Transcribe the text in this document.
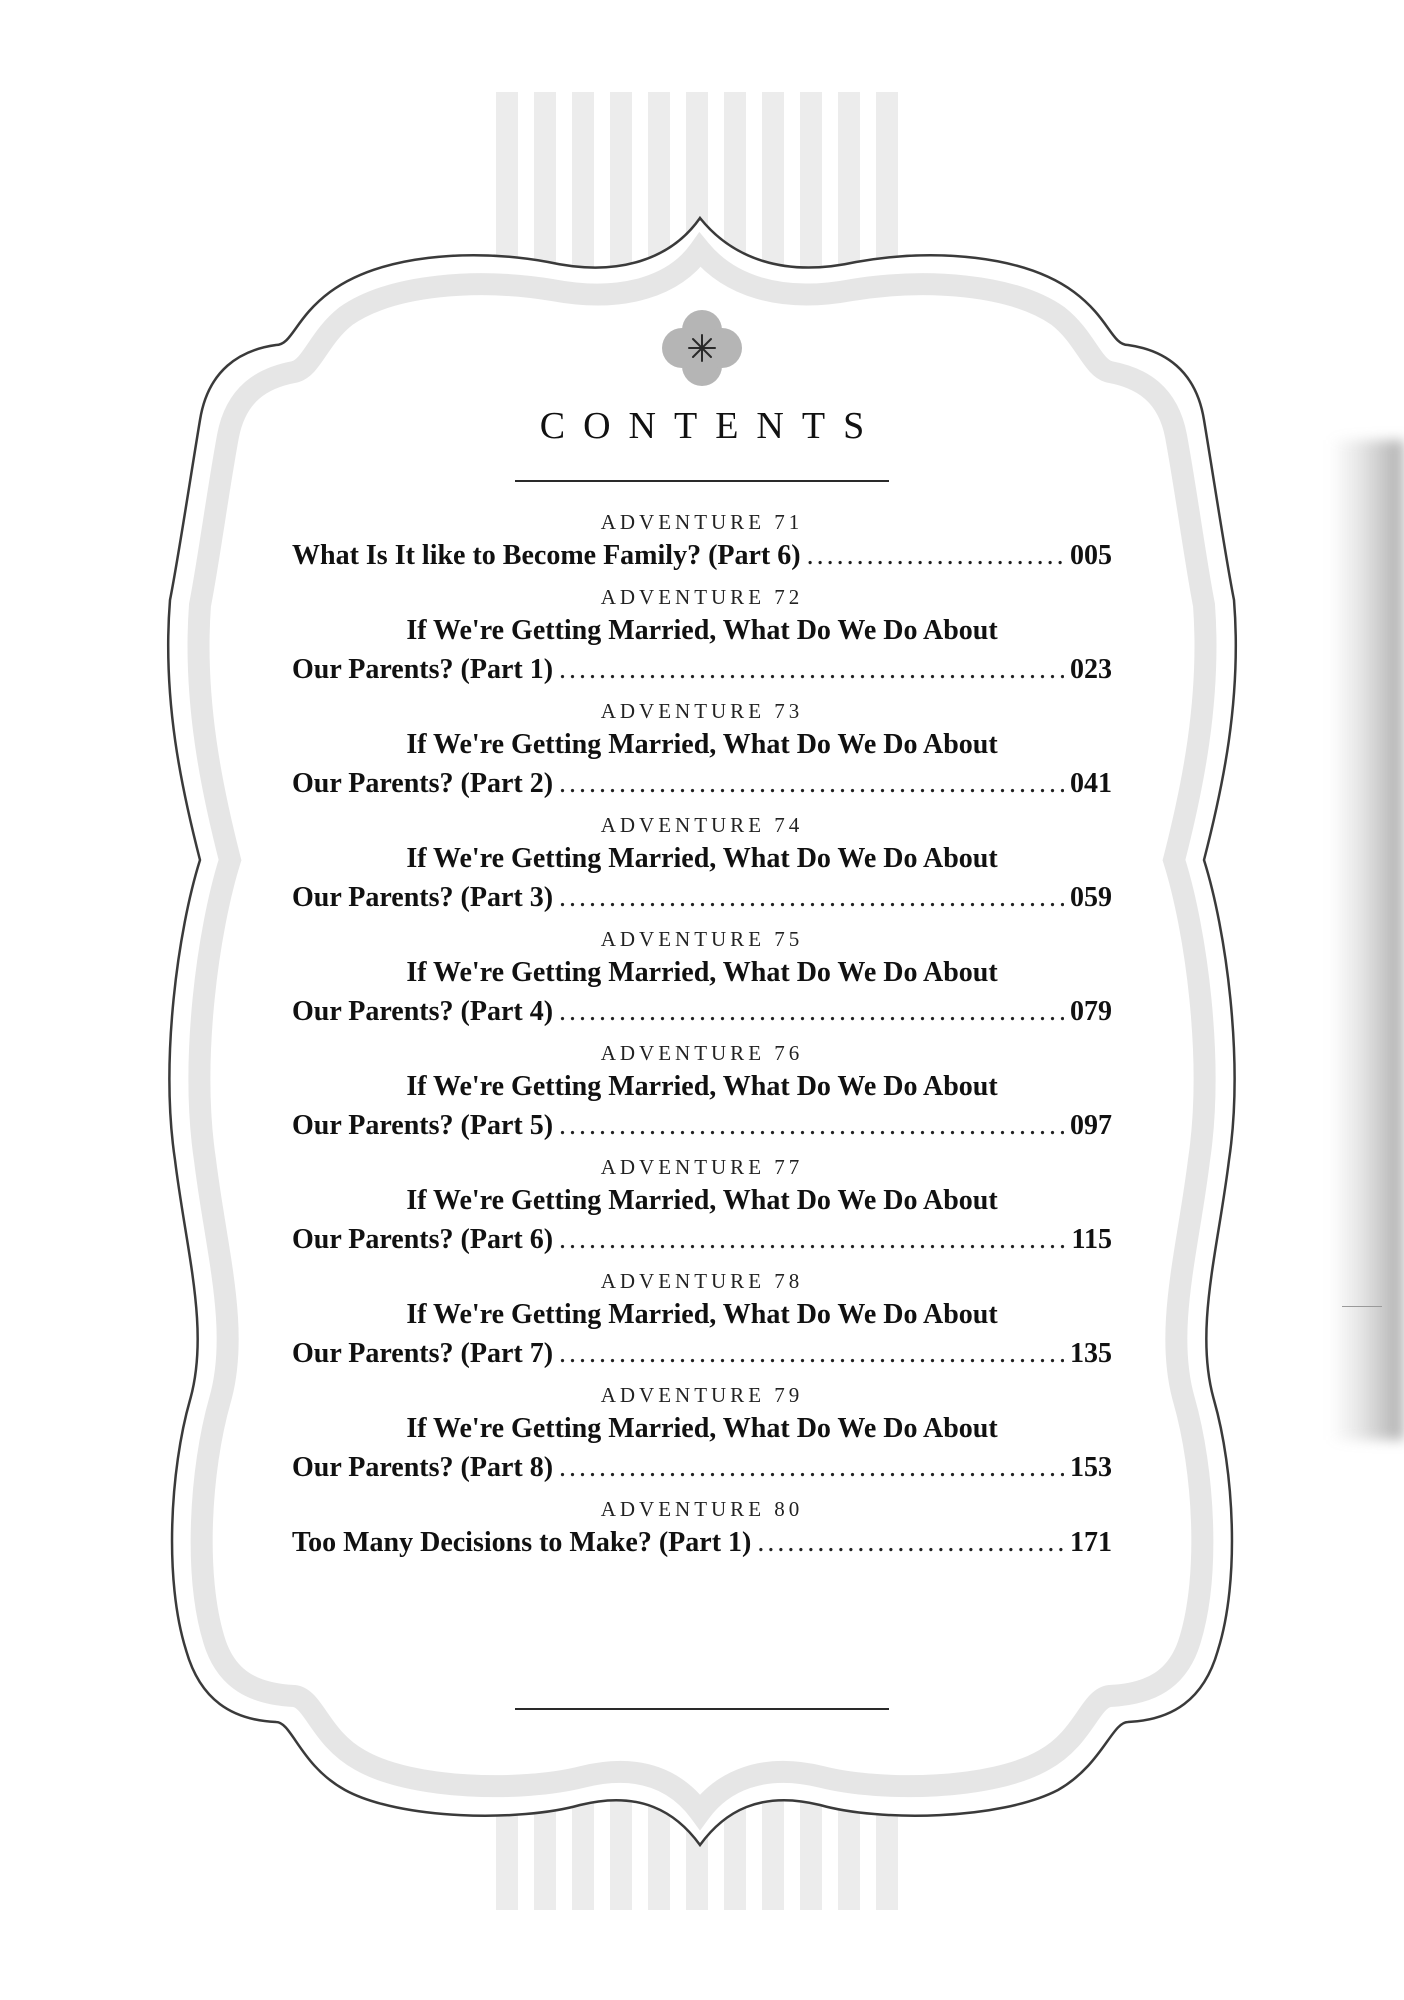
CONTENTS
ADVENTURE 71
What Is It like to Become Family? (Part 6) .....	005
ADVENTURE 72
If We're Getting Married, What Do We Do About
Our Parents? (Part 1) .....	023
ADVENTURE 73
If We're Getting Married, What Do We Do About
Our Parents? (Part 2) .....	041
ADVENTURE 74
If We're Getting Married, What Do We Do About
Our Parents? (Part 3) .....	059
ADVENTURE 75
If We're Getting Married, What Do We Do About
Our Parents? (Part 4) .....	079
ADVENTURE 76
If We're Getting Married, What Do We Do About
Our Parents? (Part 5) .....	097
ADVENTURE 77
If We're Getting Married, What Do We Do About
Our Parents? (Part 6) .....	115
ADVENTURE 78
If We're Getting Married, What Do We Do About
Our Parents? (Part 7) .....	135
ADVENTURE 79
If We're Getting Married, What Do We Do About
Our Parents? (Part 8) .....	153
ADVENTURE 80
Too Many Decisions to Make? (Part 1) .....	171
